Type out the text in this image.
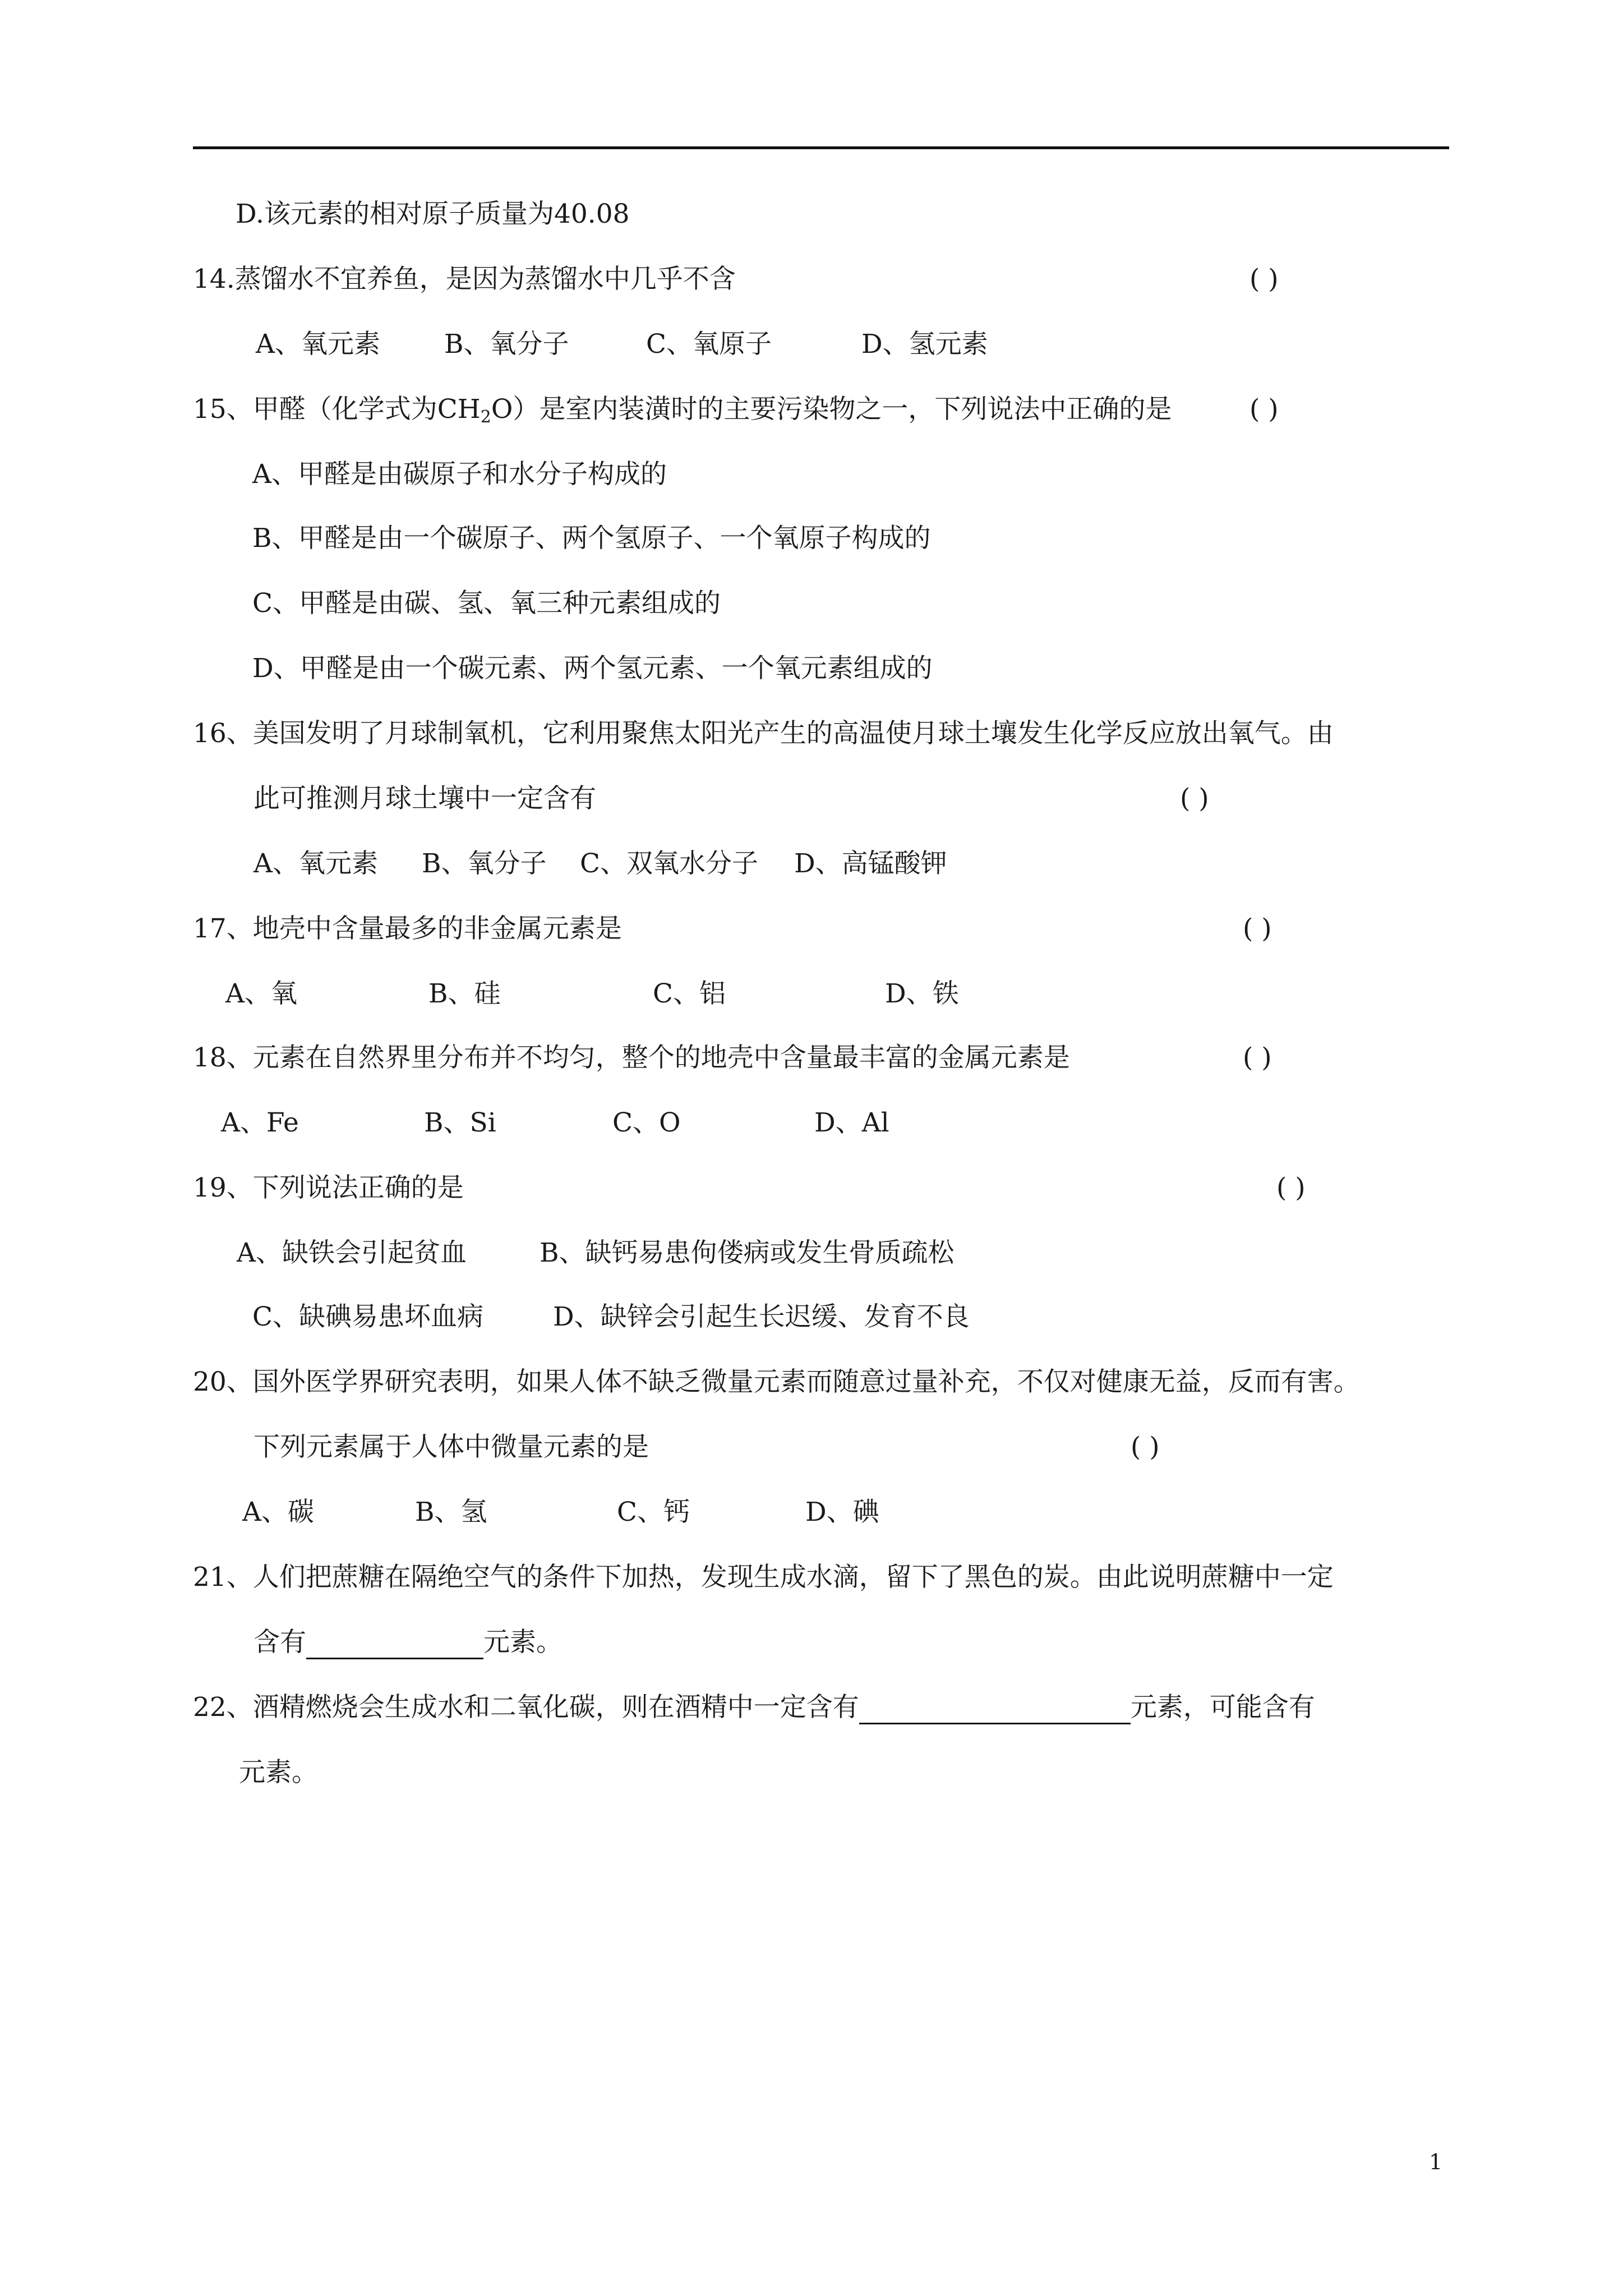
D.该元素的相对原子质量为40.08
14.蒸馏水不宜养鱼，是因为蒸馏水中几乎不含	( )
A、氧元素 B、氧分子	C、氧原子	D、氢元素
15、甲醛（化学式为$CH_2O$）是室内装潢时的主要污染物之一，下列说法中正确的是	( )
A、甲醛是由碳原子和水分子构成的
B、甲醛是由一个碳原子、两个氢原子、一个氧原子构成的
C、甲醛是由碳、氢、氧三种元素组成的
D、甲醛是由一个碳元素、两个氢元素、一个氧元素组成的
16、美国发明了月球制氧机，它利用聚焦太阳光产生的高温使月球土壤发生化学反应放出氧气。由
此可推测月球土壤中一定含有	( )
A、氧元素 B、氧分子 C、双氧水分子 D、高锰酸钾
17、地壳中含量最多的非金属元素是	( )
A、氧	B、硅	C、铝	D、铁
18、元素在自然界里分布并不均匀，整个的地壳中含量最丰富的金属元素是	( )
A、Fe	B、Si	C、O	D、Al
19、下列说法正确的是	( )
A、缺铁会引起贫血	B、缺钙易患佝偻病或发生骨质疏松
C、缺碘易患坏血病	D、缺锌会引起生长迟缓、发育不良
20、国外医学界研究表明，如果人体不缺乏微量元素而随意过量补充，不仅对健康无益，反而有害。
下列元素属于人体中微量元素的是	( )
A、碳	B、氢	C、钙	D、碘
21、人们把蔗糖在隔绝空气的条件下加热，发现生成水滴，留下了黑色的炭。由此说明蔗糖中一定
含有	元素。
22、酒精燃烧会生成水和二氧化碳，则在酒精中一定含有	元素，可能含有
元素。
1
